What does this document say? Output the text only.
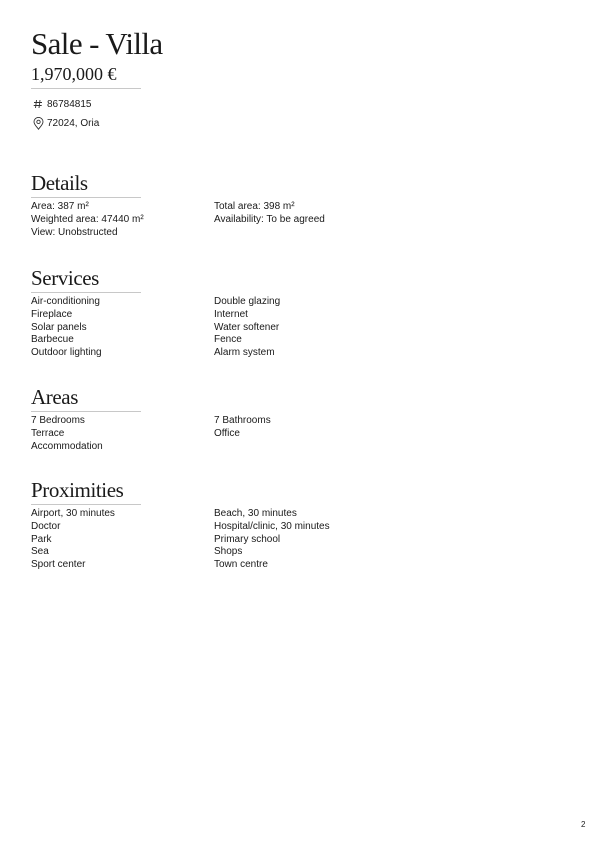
Sale - Villa
1,970,000 €
86784815
72024, Oria
Details
Area: 387 m²	Total area: 398 m²
Weighted area: 47440 m²	Availability: To be agreed
View: Unobstructed
Services
Air-conditioning	Double glazing
Fireplace	Internet
Solar panels	Water softener
Barbecue	Fence
Outdoor lighting	Alarm system
Areas
7 Bedrooms	7 Bathrooms
Terrace	Office
Accommodation
Proximities
Airport, 30 minutes	Beach, 30 minutes
Doctor	Hospital/clinic, 30 minutes
Park	Primary school
Sea	Shops
Sport center	Town centre
2
